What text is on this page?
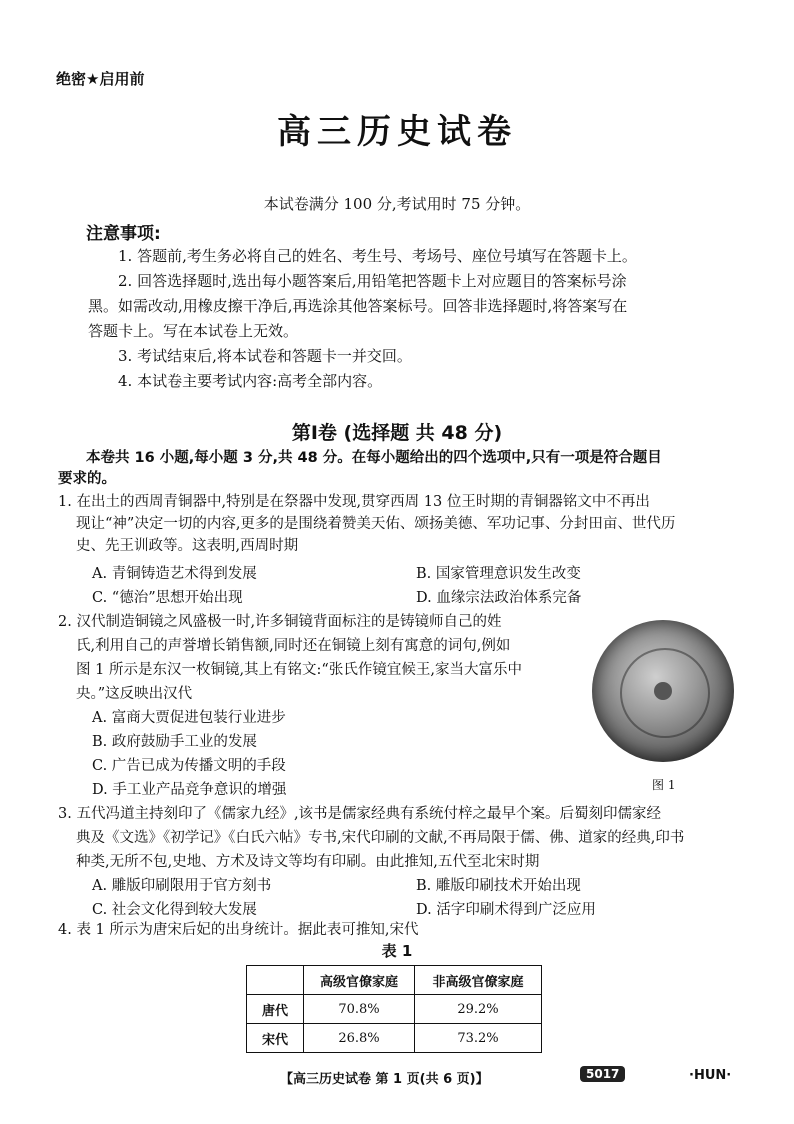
绝密★启用前
高三历史试卷
本试卷满分 100 分,考试用时 75 分钟。
注意事项:
1. 答题前,考生务必将自己的姓名、考生号、考场号、座位号填写在答题卡上。
2. 回答选择题时,选出每小题答案后,用铅笔把答题卡上对应题目的答案标号涂
黑。如需改动,用橡皮擦干净后,再选涂其他答案标号。回答非选择题时,将答案写在
答题卡上。写在本试卷上无效。
3. 考试结束后,将本试卷和答题卡一并交回。
4. 本试卷主要考试内容:高考全部内容。
第Ⅰ卷 (选择题 共 48 分)
本卷共 16 小题,每小题 3 分,共 48 分。在每小题给出的四个选项中,只有一项是符合题目
要求的。
1. 在出土的西周青铜器中,特别是在祭器中发现,贯穿西周 13 位王时期的青铜器铭文中不再出
现让“神”决定一切的内容,更多的是围绕着赞美天佑、颂扬美德、军功记事、分封田亩、世代历
史、先王训政等。这表明,西周时期
A. 青铜铸造艺术得到发展	B. 国家管理意识发生改变
C. “德治”思想开始出现	D. 血缘宗法政治体系完备
2. 汉代制造铜镜之风盛极一时,许多铜镜背面标注的是铸镜师自己的姓
氏,利用自己的声誉增长销售额,同时还在铜镜上刻有寓意的词句,例如
图 1 所示是东汉一枚铜镜,其上有铭文:“张氏作镜宜候王,家当大富乐中
央。”这反映出汉代
A. 富商大贾促进包装行业进步
B. 政府鼓励手工业的发展
C. 广告已成为传播文明的手段
D. 手工业产品竞争意识的增强	图 1
3. 五代冯道主持刻印了《儒家九经》,该书是儒家经典有系统付梓之最早个案。后蜀刻印儒家经
典及《文选》《初学记》《白氏六帖》专书,宋代印刷的文献,不再局限于儒、佛、道家的经典,印书
种类,无所不包,史地、方术及诗文等均有印刷。由此推知,五代至北宋时期
A. 雕版印刷限用于官方刻书	B. 雕版印刷技术开始出现
C. 社会文化得到较大发展	D. 活字印刷术得到广泛应用
4. 表 1 所示为唐宋后妃的出身统计。据此表可推知,宋代
表 1
	高级官僚家庭	非高级官僚家庭
唐代	70.8%	29.2%
宋代	26.8%	73.2%
【高三历史试卷 第 1 页(共 6 页)】	5017	·HUN·
